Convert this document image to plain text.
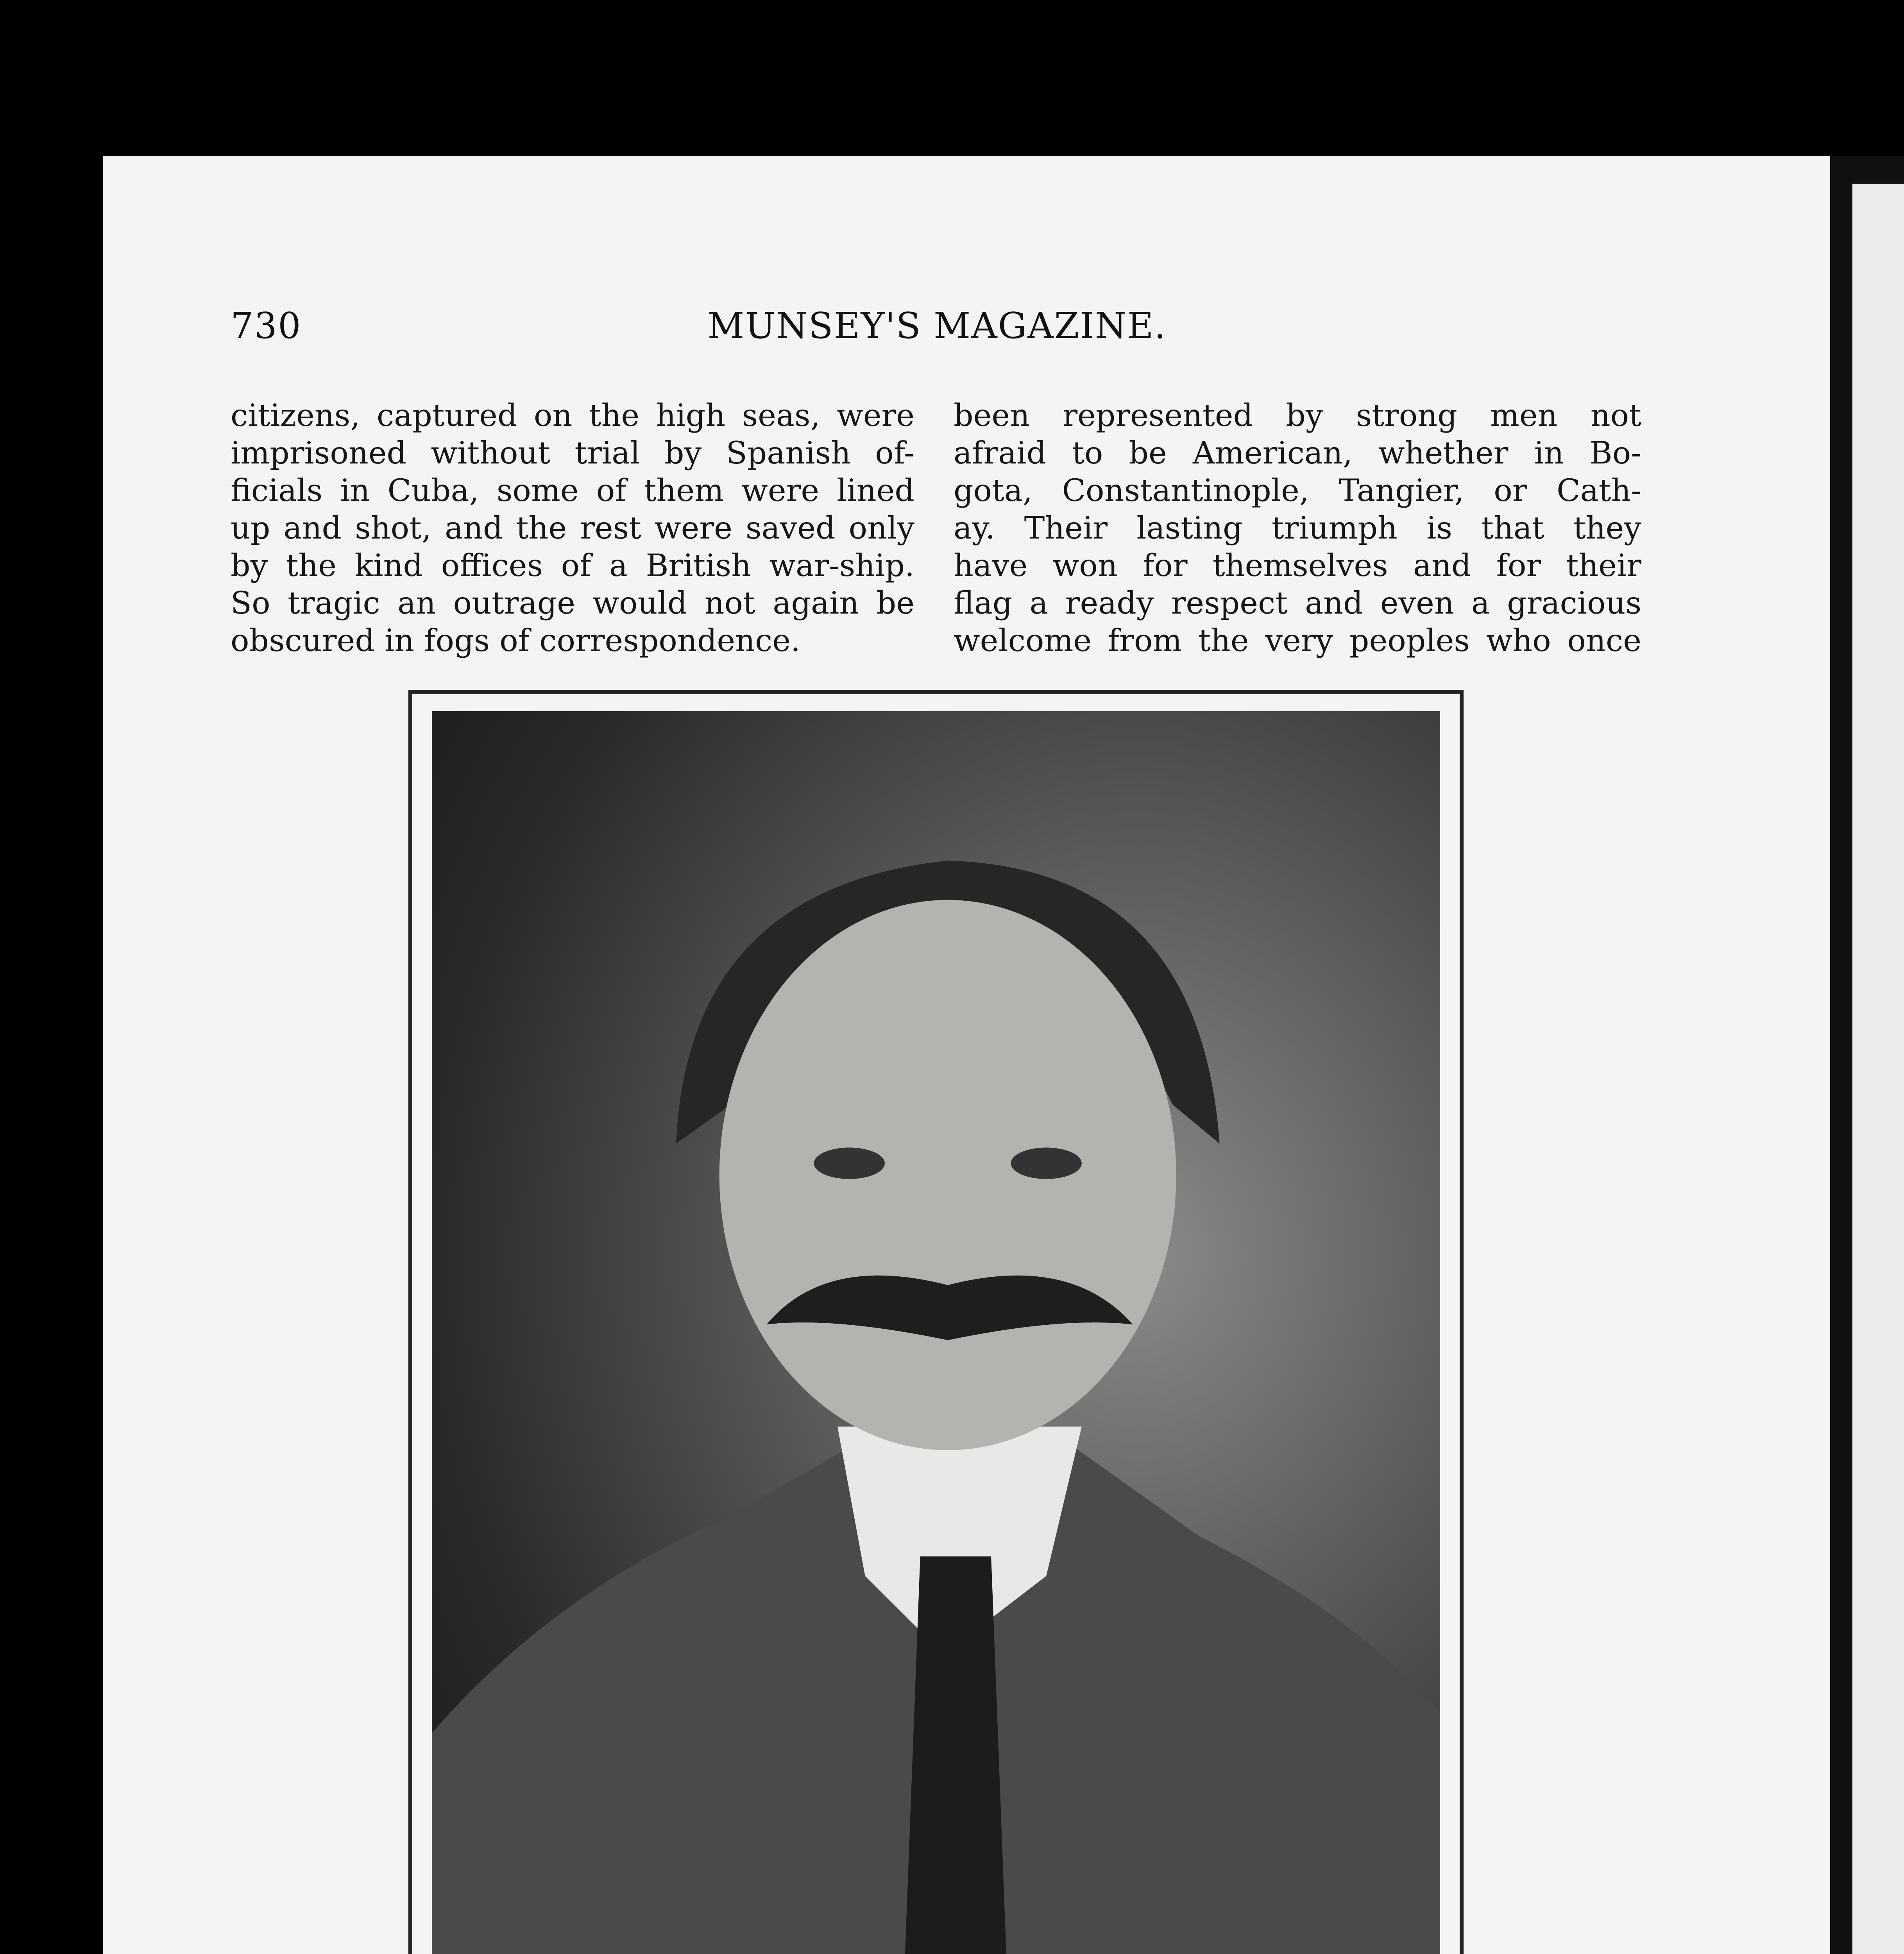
730	MUNSEY'S MAGAZINE.
citizens, captured on the high seas, were
imprisoned without trial by Spanish of-
ficials in Cuba, some of them were lined
up and shot, and the rest were saved only
by the kind offices of a British war-ship.
So tragic an outrage would not again be
obscured in fogs of correspondence.
been represented by strong men not
afraid to be American, whether in Bo-
gota, Constantinople, Tangier, or Cath-
ay. Their lasting triumph is that they
have won for themselves and for their
flag a ready respect and even a gracious
welcome from the very peoples who once
